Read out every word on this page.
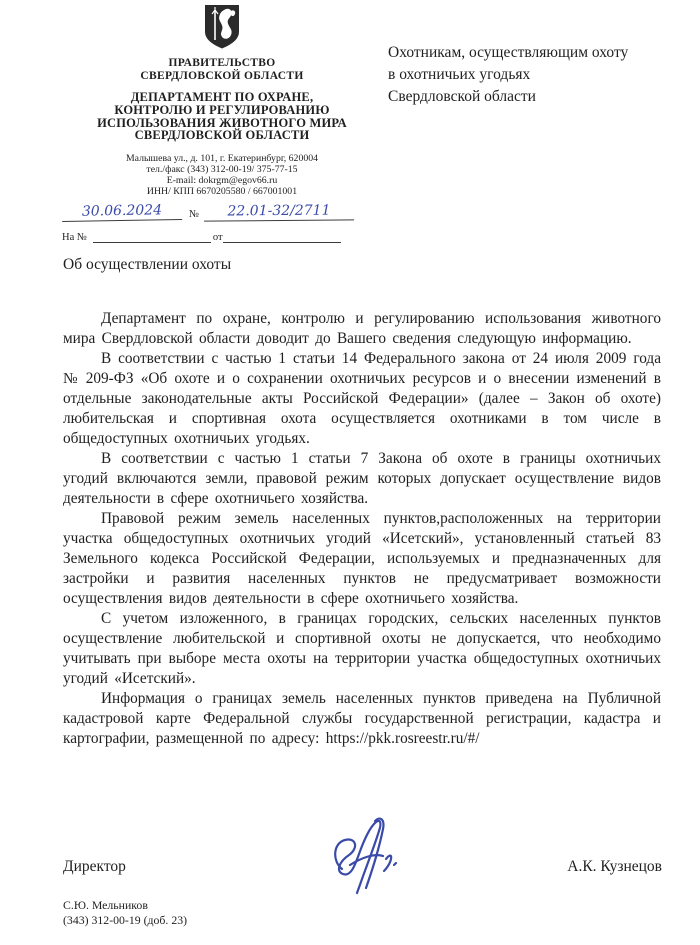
ПРАВИТЕЛЬСТВО
СВЕРДЛОВСКОЙ ОБЛАСТИ
ДЕПАРТАМЕНТ ПО ОХРАНЕ,
КОНТРОЛЮ И РЕГУЛИРОВАНИЮ
ИСПОЛЬЗОВАНИЯ ЖИВОТНОГО МИРА
СВЕРДЛОВСКОЙ ОБЛАСТИ
Малышева ул., д. 101, г. Екатеринбург, 620004
тел./факс (343) 312-00-19/ 375-77-15
E-mail: dokrgm@egov66.ru
ИНН/ КПП 6670205580 / 667001001
30.06.2024	№	22.01-32/2711
На №	от
Охотникам, осуществляющим охоту
в охотничьих угодьях
Свердловской области
Об осуществлении охоты

Департамент по охране, контролю и регулированию использования животного мира Свердловской области доводит до Вашего сведения следующую информацию.

В соответствии с частью 1 статьи 14 Федерального закона от 24 июля 2009 года № 209-ФЗ «Об охоте и о сохранении охотничьих ресурсов и о внесении изменений в отдельные законодательные акты Российской Федерации» (далее – Закон об охоте) любительская и спортивная охота осуществляется охотниками в том числе в общедоступных охотничьих угодьях.

В соответствии с частью 1 статьи 7 Закона об охоте в границы охотничьих угодий включаются земли, правовой режим которых допускает осуществление видов деятельности в сфере охотничьего хозяйства.

Правовой режим земель населенных пунктов,расположенных на территории участка общедоступных охотничьих угодий «Исетский», установленный статьей 83 Земельного кодекса Российской Федерации, используемых и предназначенных для застройки и развития населенных пунктов не предусматривает возможности осуществления видов деятельности в сфере охотничьего хозяйства.

С учетом изложенного, в границах городских, сельских населенных пунктов осуществление любительской и спортивной охоты не допускается, что необходимо учитывать при выборе места охоты на территории участка общедоступных охотничьих угодий «Исетский».

Информация о границах земель населенных пунктов приведена на Публичной кадастровой карте Федеральной службы государственной регистрации, кадастра и картографии, размещенной по адресу: https://pkk.rosreestr.ru/#/

Директор	А.К. Кузнецов
С.Ю. Мельников
(343) 312-00-19 (доб. 23)
